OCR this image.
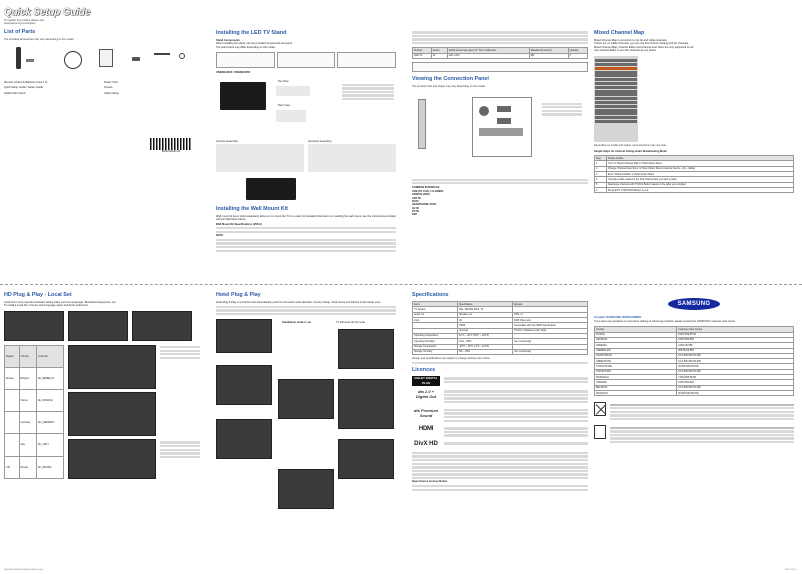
Quick Setup Guide
To register this product please visit
www.samsung.com/register
List of Parts
The provided accessories may vary depending on the model.
Remote Control & Batteries (AAA x 2)	Power Cord
Quick Setup Guide / Safety Guide	Screws
Holder-Wire Stand	Cable Clamp
BN68-00000A-00
Installing the LED TV Stand
Stand Components
When installing the stand, use the provided components and parts.
The stand parts may differ depending on the model.
UN32EH4003 / UN32EH5000
Top View
Rear View
(Correct assembly)	(Incorrect assembly)
Installing the Wall Mount Kit
Wall mount kit items (sold separately) allow you to mount the TV on a wall. For detailed information on installing the wall mount, see the instructions provided with the Wall Mount items.
Wall Mount Kit Specifications (VESA)
NOTE
Product	inches	VESA screw hole specs (A * B) in millimeters	Standard Screw (C)	Quantity
LED-TV	32	200 x 200	M8	4
Viewing the Connection Panel
The product color and shape may vary depending on the model.
COMMON INTERFACE
USB (5V 0.5A) / CLONING
HDMI IN (ARC)
ANT IN
DATA
HEADPHONE JACK
AV IN
PC IN
RJP
Mixed Channel Map
Mixed Channel Map is a function to mix Air and Cable channels.
If there are no Cable channels, you can use this function starting with Air channels.
Mixed Channel Map, Channel Editor and Channel Auto Store are only supported on Air.
Use Channel Editor to sort the channels as you desire.
Depending on model and region, some functions may not exist.
Simple Steps for channel mixing under Broadcasting Mode
Step	Simple Outline
1	Turn on 'Mixed Channel Map' in Hotel Option Menu.
2	Change 'Channel Auto Store' in Hotel Option Menu (Antenna Source - Air + Cable)
3	Enter 'Channel Editor' in Hotel Option Menu.
4	Compile a table related to the final channel lists you want in table
5	Rearrange channels with TOOLS Button based on the table you compiled
6	Press EXIT or RETURN Button to exit.
HD Plug & Play - Local Set
Local Set is only important software setting value such as Languages, Broadcast frequencies, etc.
To install a Local Set, Country and Language select should be performed.
Region	Country	Local Set
Europe	Belgium	EU_BENELUX
	France	EU_FRANCE
	Germany	EU_GERMANY
	Italy	EU_ITALY
CIS	Russia	EU_RUSSIA
Hotel Plug & Play
Hotel Plug & Play is a function that automatically performs the Hotel mode selection, Country Setup, Clock Setup and Picture mode Setup once.
Standalone mode is set	TV will enter the SI mode
Specifications
Items	Specification	Remark
TV System	PAL, SECAM D/K/I, T2	
Audio out	Speaker out	10W x 2
Input	AV	RGB Video and
	HDMI	Compatible with the HDMI Specification
	Antenna	75 ohm Unbalanced (No Jack)
Operating temperature	10°C ~ 40°C (50°F ~ 104°F)	
Operating Humidity	10% ~ 80%	non-condensing
Storage Temperature	-20°C ~ 45°C (-4°F ~ 113°F)	
Storage Humidity	5% ~ 95%	non-condensing
Design and specifications are subject to change without prior notice.
Licences
DOLBY DIGITAL PLUS
dts 2.0 + Digital Out
dts Premium Sound
HDMI
DivX HD
Open Source License Notice
SAMSUNG
Contact SAMSUNG WORLDWIDE
If you have any questions or comments relating to Samsung products, please contact the SAMSUNG customer care centre.
Country	Customer Care Centre
RUSSIA	8-800-555-55-55
GEORGIA	8-800-555-555
ARMENIA	0-800-05-555
AZERBAIJAN	088-55-55-555
KAZAKHSTAN	8-10-800-500-55-500
UZBEKISTAN	8-10-800-500-55-500
KYRGYZSTAN	00-800-500-55-500
TADJIKISTAN	8-10-800-500-55-500
MONGOLIA	7-800-555-55-55
UKRAINE	0-800-502-000
BELARUS	8-10-800-500-55-500
MOLDOVA	00-800-500-55-500
[UEH4003-BN68-04440A-00]QSG.indd 1	2012-03-23
